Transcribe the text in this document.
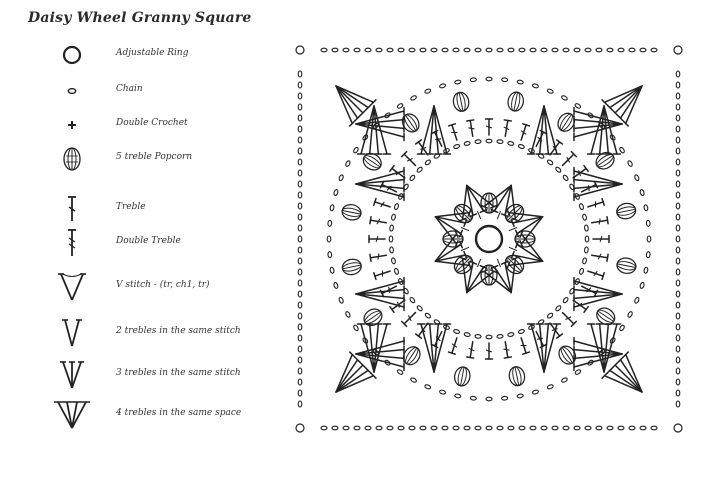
Daisy Wheel Granny Square
Adjustable Ring
Chain
Double Crochet
5 treble Popcorn
Treble
Double Treble
V stitch - (tr, ch1, tr)
2 trebles in the same stitch
3 trebles in the same stitch
4 trebles in the same space
